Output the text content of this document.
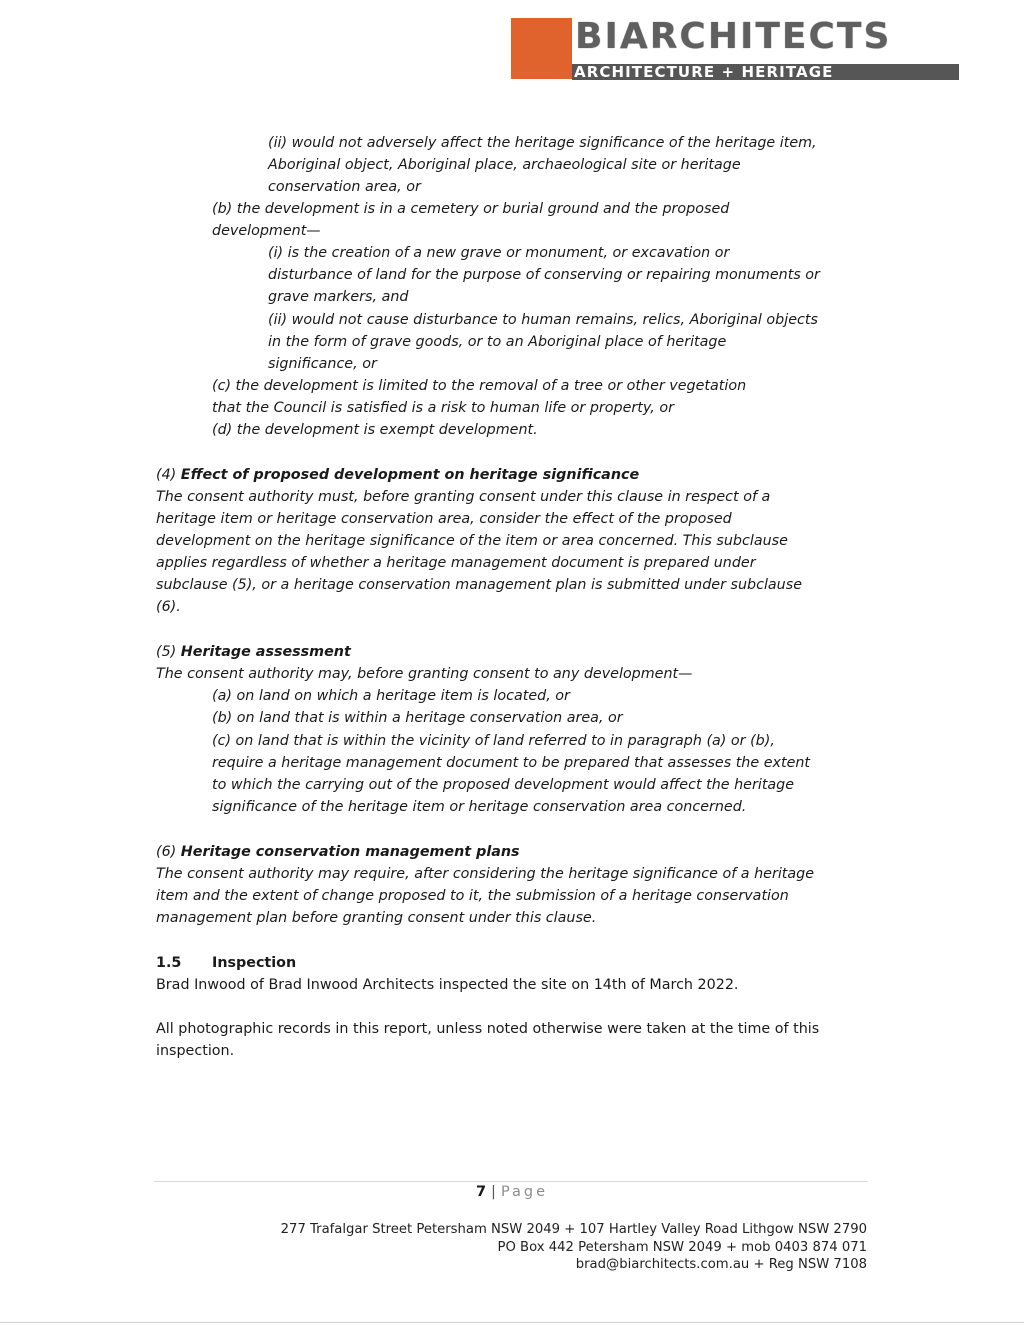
BIARCHITECTS
ARCHITECTURE + HERITAGE
(ii) would not adversely affect the heritage significance of the heritage item,
Aboriginal object, Aboriginal place, archaeological site or heritage
conservation area, or
(b) the development is in a cemetery or burial ground and the proposed
development—
(i) is the creation of a new grave or monument, or excavation or
disturbance of land for the purpose of conserving or repairing monuments or
grave markers, and
(ii) would not cause disturbance to human remains, relics, Aboriginal objects
in the form of grave goods, or to an Aboriginal place of heritage
significance, or
(c) the development is limited to the removal of a tree or other vegetation
that the Council is satisfied is a risk to human life or property, or
(d) the development is exempt development.
(4) Effect of proposed development on heritage significance
The consent authority must, before granting consent under this clause in respect of a
heritage item or heritage conservation area, consider the effect of the proposed
development on the heritage significance of the item or area concerned. This subclause
applies regardless of whether a heritage management document is prepared under
subclause (5), or a heritage conservation management plan is submitted under subclause
(6).
(5) Heritage assessment
The consent authority may, before granting consent to any development—
(a) on land on which a heritage item is located, or
(b) on land that is within a heritage conservation area, or
(c) on land that is within the vicinity of land referred to in paragraph (a) or (b),
require a heritage management document to be prepared that assesses the extent
to which the carrying out of the proposed development would affect the heritage
significance of the heritage item or heritage conservation area concerned.
(6) Heritage conservation management plans
The consent authority may require, after considering the heritage significance of a heritage
item and the extent of change proposed to it, the submission of a heritage conservation
management plan before granting consent under this clause.
1.5 Inspection
Brad Inwood of Brad Inwood Architects inspected the site on 14th of March 2022.
All photographic records in this report, unless noted otherwise were taken at the time of this
inspection.
7 | Page
277 Trafalgar Street Petersham NSW 2049 + 107 Hartley Valley Road Lithgow NSW 2790
PO Box 442 Petersham NSW 2049 + mob 0403 874 071
brad@biarchitects.com.au + Reg NSW 7108
